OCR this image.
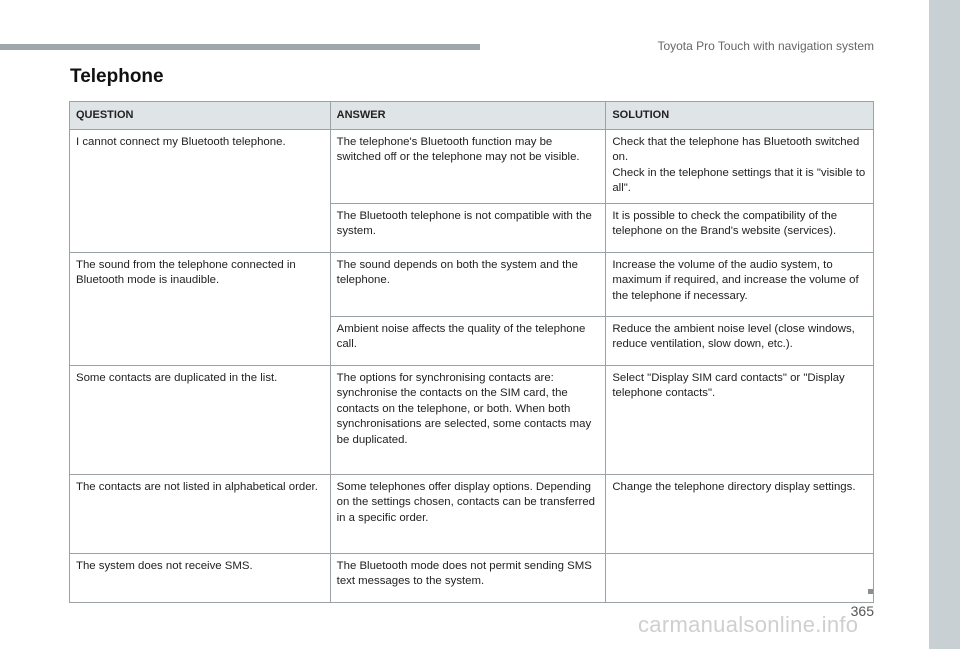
Toyota Pro Touch with navigation system
Telephone
QUESTION	ANSWER	SOLUTION
I cannot connect my Bluetooth telephone.	The telephone's Bluetooth function may be switched off or the telephone may not be visible.	Check that the telephone has Bluetooth switched on.
Check in the telephone settings that it is "visible to all".

	The Bluetooth telephone is not compatible with the system.	It is possible to check the compatibility of the telephone on the Brand's website (services).

The sound from the telephone connected in Bluetooth mode is inaudible.	The sound depends on both the system and the telephone.	Increase the volume of the audio system, to maximum if required, and increase the volume of the telephone if necessary.

	Ambient noise affects the quality of the telephone call.	Reduce the ambient noise level (close windows, reduce ventilation, slow down, etc.).

Some contacts are duplicated in the list.	The options for synchronising contacts are: synchronise the contacts on the SIM card, the contacts on the telephone, or both. When both synchronisations are selected, some contacts may be duplicated.	Select "Display SIM card contacts" or "Display telephone contacts".

The contacts are not listed in alphabetical order.	Some telephones offer display options. Depending on the settings chosen, contacts can be transferred in a specific order.	Change the telephone directory display settings.

The system does not receive SMS.	The Bluetooth mode does not permit sending SMS text messages to the system.	
365
carmanualsonline.info
